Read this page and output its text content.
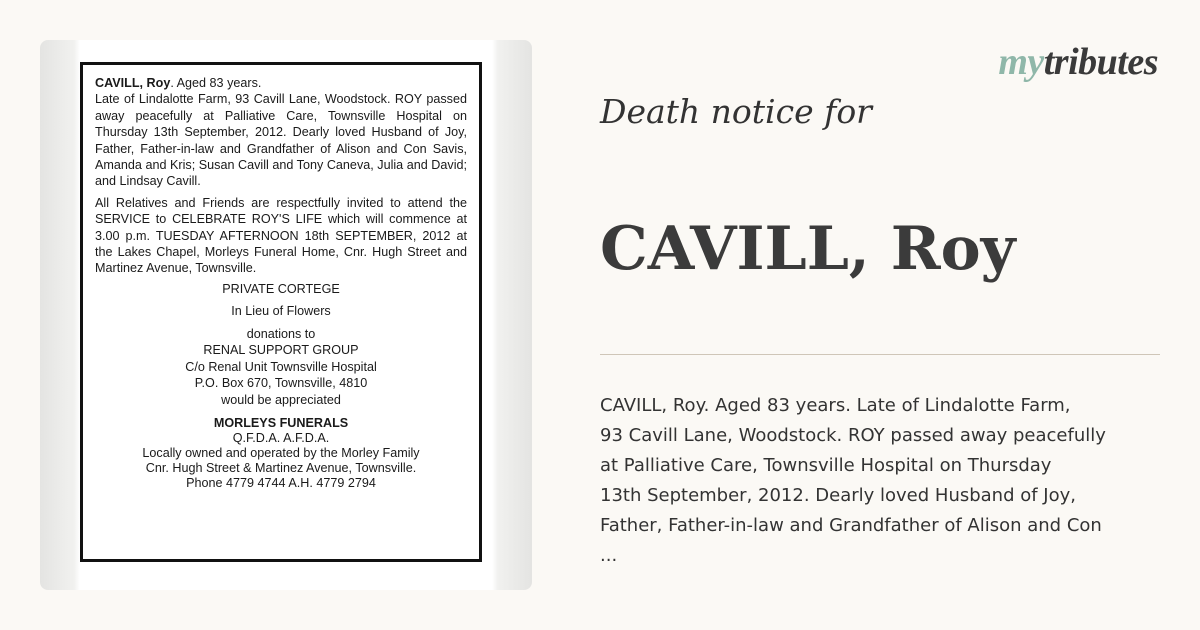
CAVILL, Roy. Aged 83 years.

Late of Lindalotte Farm, 93 Cavill Lane, Woodstock. ROY passed away peacefully at Palliative Care, Townsville Hospital on Thursday 13th September, 2012. Dearly loved Husband of Joy, Father, Father-in-law and Grandfather of Alison and Con Savis, Amanda and Kris; Susan Cavill and Tony Caneva, Julia and David; and Lindsay Cavill.

All Relatives and Friends are respectfully invited to attend the SERVICE to CELEBRATE ROY'S LIFE which will commence at 3.00 p.m. TUESDAY AFTERNOON 18th SEPTEMBER, 2012 at the Lakes Chapel, Morleys Funeral Home, Cnr. Hugh Street and Martinez Avenue, Townsville.

PRIVATE CORTEGE
In Lieu of Flowers
donations to
RENAL SUPPORT GROUP
C/o Renal Unit Townsville Hospital
P.O. Box 670, Townsville, 4810
would be appreciated
MORLEYS FUNERALS
Q.F.D.A. A.F.D.A.
Locally owned and operated by the Morley Family
Cnr. Hugh Street & Martinez Avenue, Townsville.
Phone 4779 4744 A.H. 4779 2794
mytributes
Death notice for
CAVILL, Roy
CAVILL, Roy. Aged 83 years. Late of Lindalotte Farm,
93 Cavill Lane, Woodstock. ROY passed away peacefully
at Palliative Care, Townsville Hospital on Thursday
13th September, 2012. Dearly loved Husband of Joy,
Father, Father-in-law and Grandfather of Alison and Con
...
